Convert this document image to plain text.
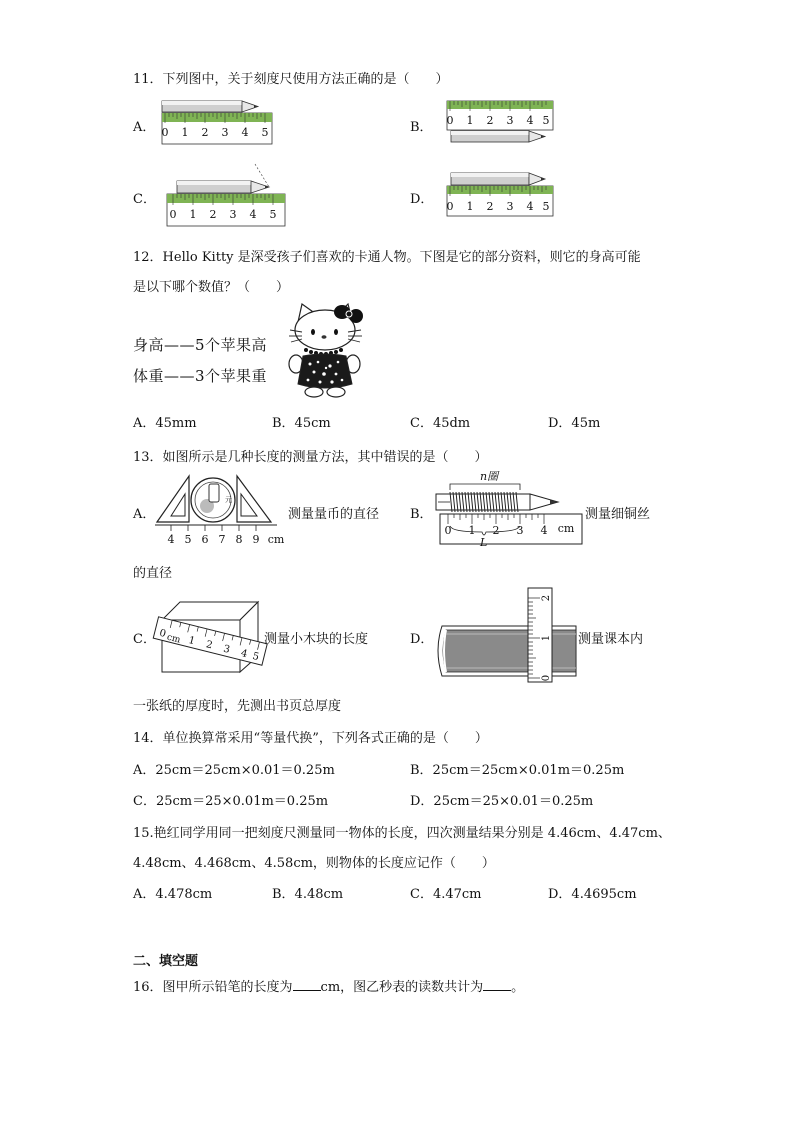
11．下列图中，关于刻度尺使用方法正确的是（　　）
A． 0 1 2 3 4 5	B． 0 1 2 3 4 5
C．
0 1 2 3 4 5
D． 0 1 2 3 4 5
12．Hello Kitty 是深受孩子们喜欢的卡通人物。下图是它的部分资料，则它的身高可能
是以下哪个数值？（　　）
身高——5个苹果高
体重——3个苹果重
A．45mm	B．45cm	C．45dm	D．45m
13．如图所示是几种长度的测量方法，其中错误的是（　　）
A．
元
4 5 6 7 8 9 cm
测量量币的直径 B．
n圈
0 1 2 3 4 cm
L
测量细铜丝
的直径
C． 0
cm 1 2 3 4 5
测量小木块的长度	D．
0
1
2
测量课本内
一张纸的厚度时，先测出书页总厚度
14．单位换算常采用“等量代换”，下列各式正确的是（　　）
A．25cm＝25cm×0.01＝0.25m	B．25cm＝25cm×0.01m＝0.25m
C．25cm＝25×0.01m＝0.25m	D．25cm＝25×0.01＝0.25m
15.艳红同学用同一把刻度尺测量同一物体的长度，四次测量结果分别是 4.46cm、4.47cm、
4.48cm、4.468cm、4.58cm，则物体的长度应记作（　　）
A．4.478cm	B．4.48cm	C．4.47cm	D．4.4695cm
二、填空题
16．图甲所示铅笔的长度为 cm，图乙秒表的读数共计为 。
